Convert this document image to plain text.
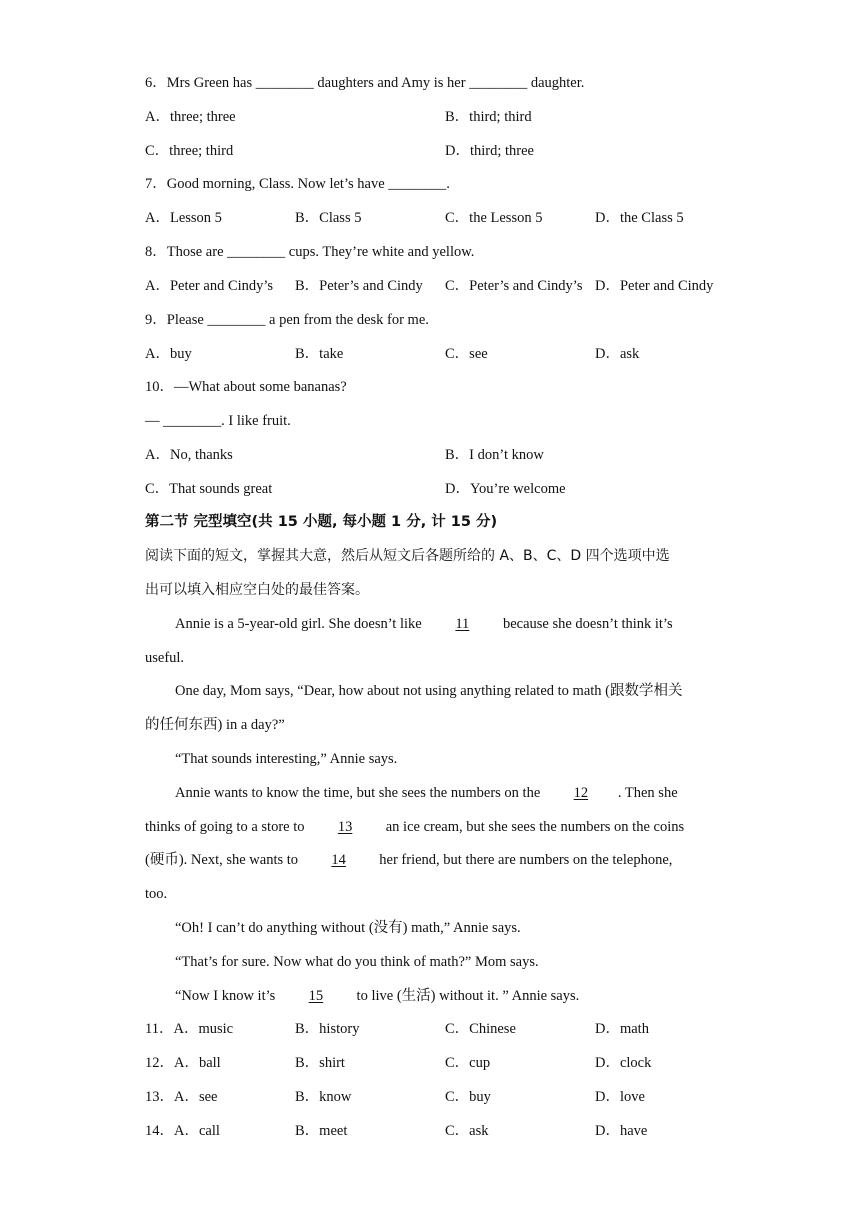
6．Mrs Green has ________ daughters and Amy is her ________ daughter.
A．three; three	B．third; third
C．three; third	D．third; three
7．Good morning, Class. Now let’s have ________.
A．Lesson 5	B．Class 5	C．the Lesson 5	D．the Class 5
8．Those are ________ cups. They’re white and yellow.
A．Peter and Cindy’s B．Peter’s and Cindy C．Peter’s and Cindy’s D．Peter and Cindy
9．Please ________ a pen from the desk for me.
A．buy	B．take	C．see	D．ask
10．—What about some bananas?
— ________. I like fruit.
A．No, thanks	B．I don’t know
C．That sounds great	D．You’re welcome
第二节 完型填空(共 15 小题, 每小题 1 分, 计 15 分)
阅读下面的短文，掌握其大意，然后从短文后各题所给的 A、B、C、D 四个选项中选
出可以填入相应空白处的最佳答案。
Annie is a 5-year-old girl. She doesn’t like 11 because she doesn’t think it’s
useful.
One day, Mom says, “Dear, how about not using anything related to math (跟数学相关
的任何东西) in a day?”
“That sounds interesting,” Annie says.
Annie wants to know the time, but she sees the numbers on the 12 . Then she
thinks of going to a store to 13 an ice cream, but she sees the numbers on the coins
(硬币). Next, she wants to 14 her friend, but there are numbers on the telephone,
too.
“Oh! I can’t do anything without (没有) math,” Annie says.
“That’s for sure. Now what do you think of math?” Mom says.
“Now I know it’s 15 to live (生活) without it. ” Annie says.
11．A．music	B．history	C．Chinese	D．math
12．A．ball	B．shirt	C．cup	D．clock
13．A．see	B．know	C．buy	D．love
14．A．call	B．meet	C．ask	D．have
